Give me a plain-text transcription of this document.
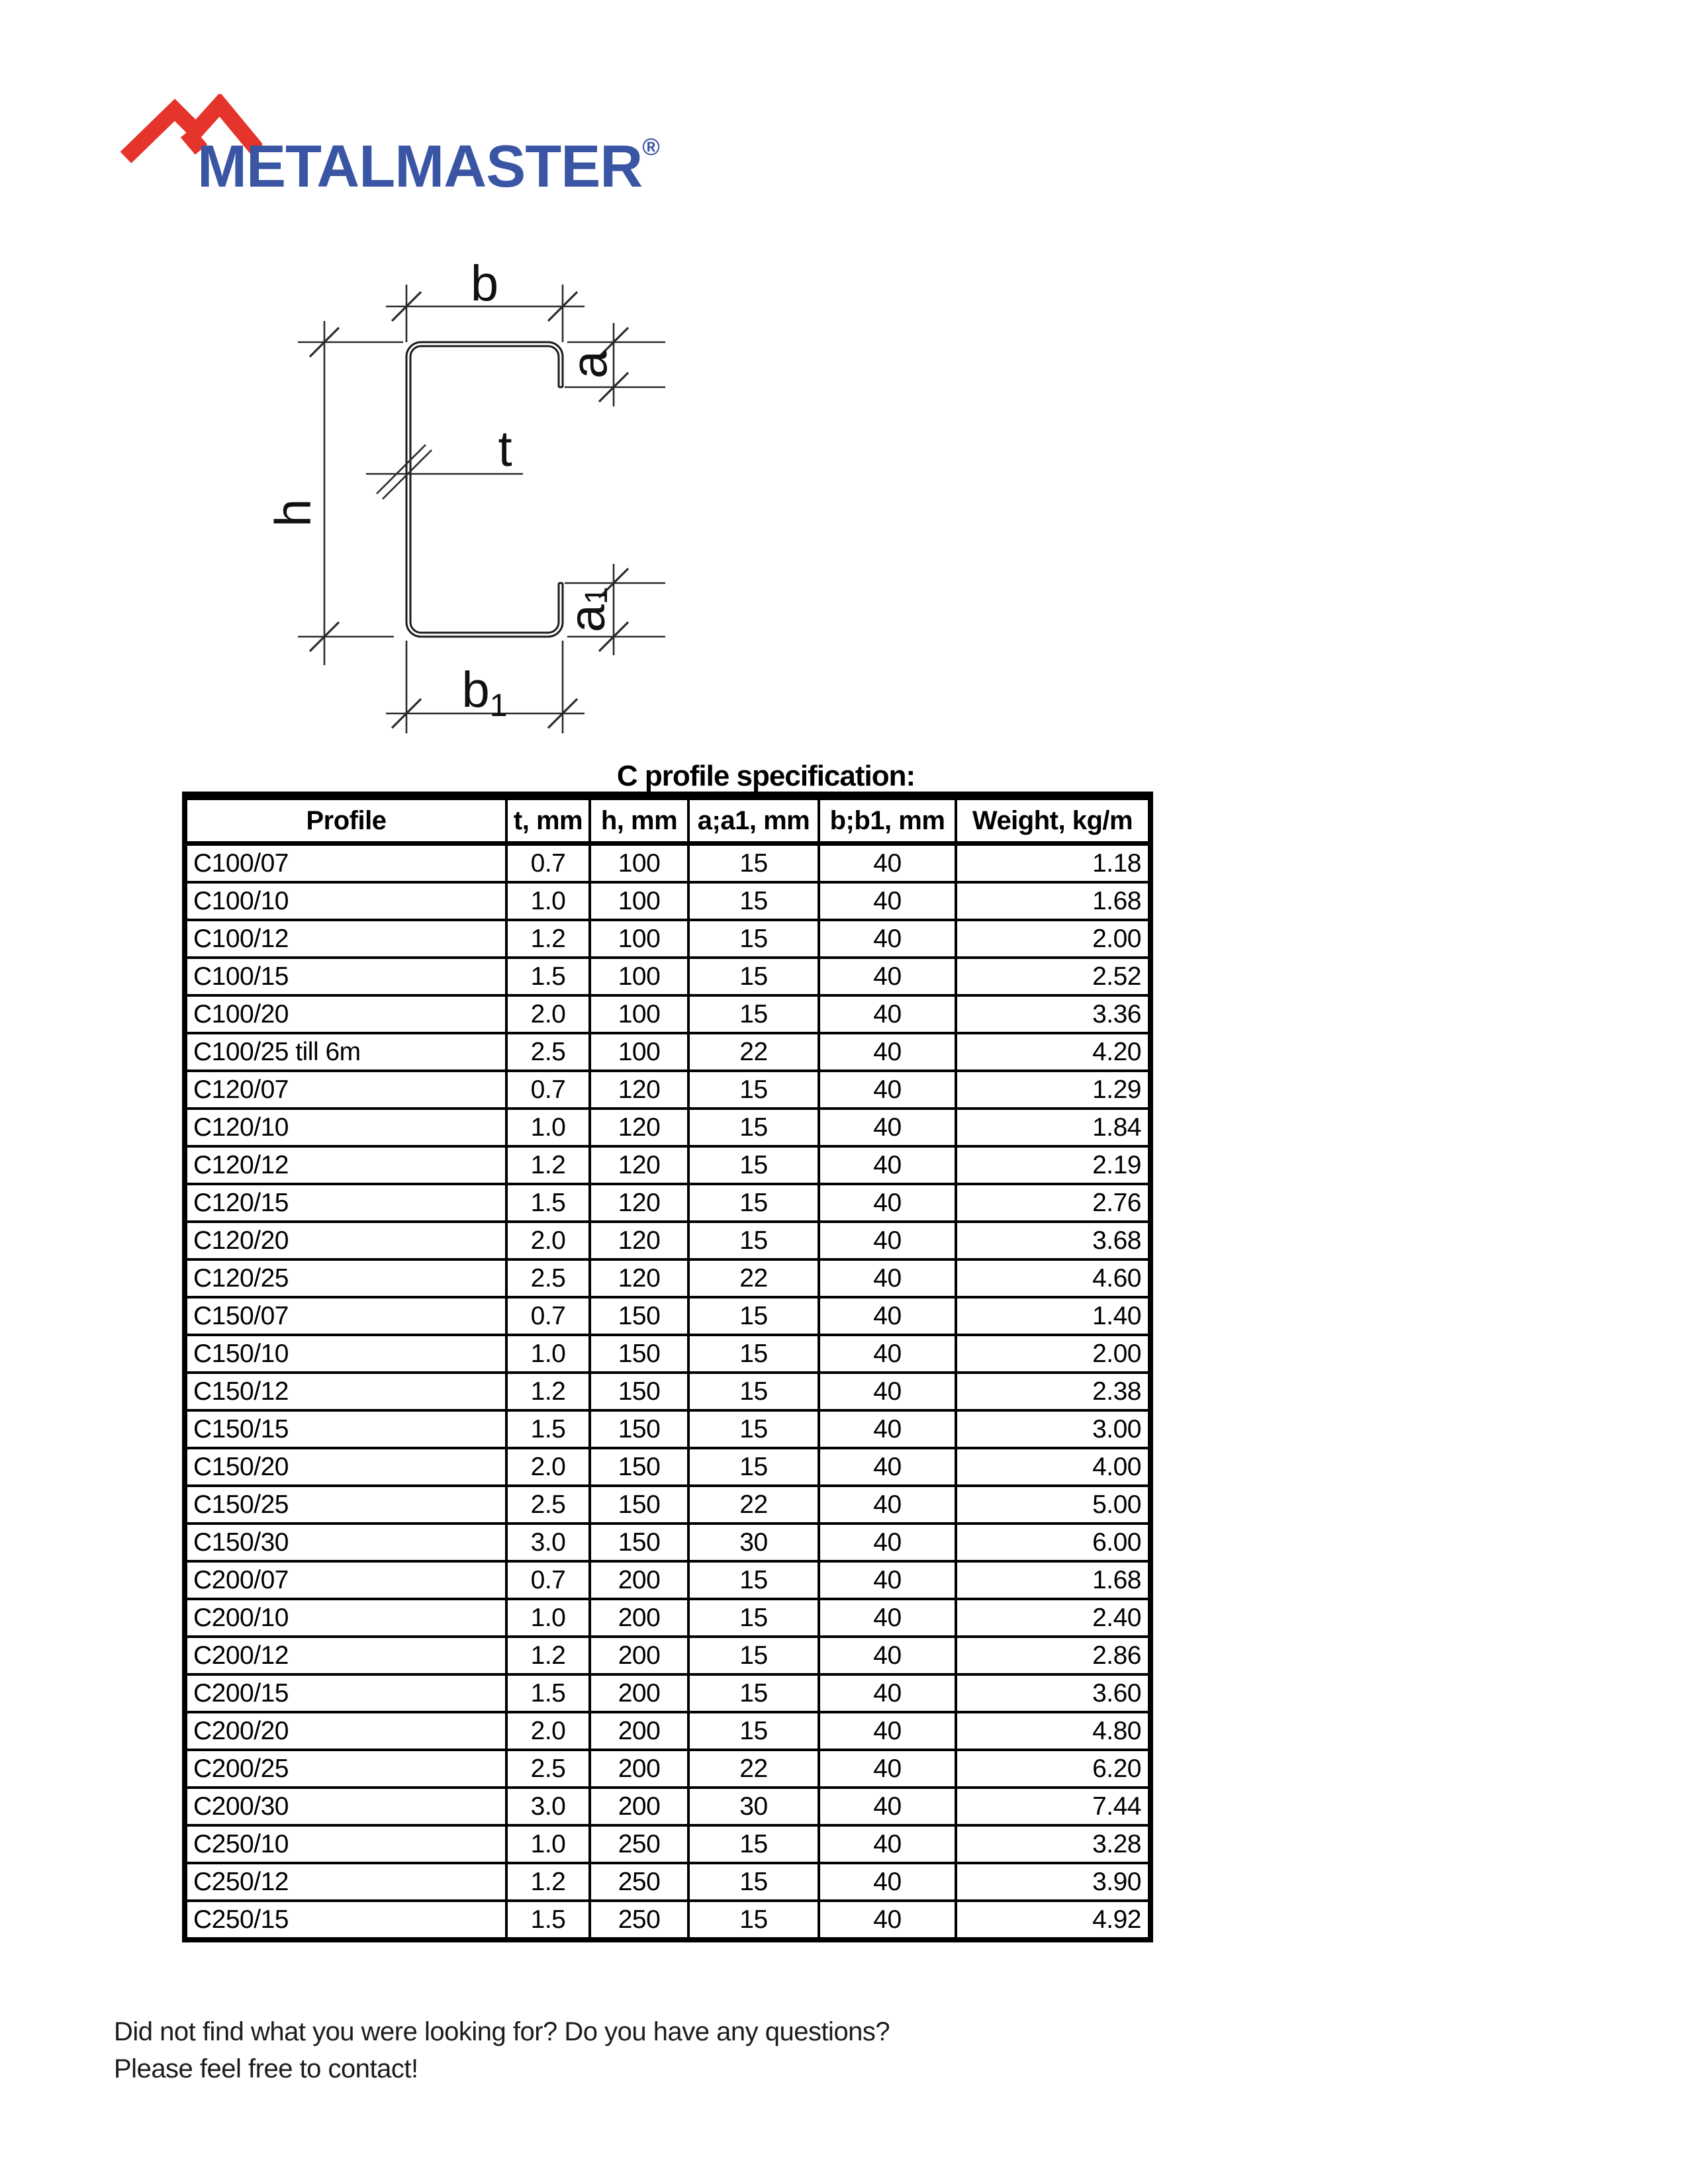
METALMASTER®
b
t
h
a
a1
b1
C profile specification:
Profile	t, mm	h, mm	a;a1, mm	b;b1, mm	Weight, kg/m
C100/07	0.7	100	15	40	1.18
C100/10	1.0	100	15	40	1.68
C100/12	1.2	100	15	40	2.00
C100/15	1.5	100	15	40	2.52
C100/20	2.0	100	15	40	3.36
C100/25 till 6m	2.5	100	22	40	4.20
C120/07	0.7	120	15	40	1.29
C120/10	1.0	120	15	40	1.84
C120/12	1.2	120	15	40	2.19
C120/15	1.5	120	15	40	2.76
C120/20	2.0	120	15	40	3.68
C120/25	2.5	120	22	40	4.60
C150/07	0.7	150	15	40	1.40
C150/10	1.0	150	15	40	2.00
C150/12	1.2	150	15	40	2.38
C150/15	1.5	150	15	40	3.00
C150/20	2.0	150	15	40	4.00
C150/25	2.5	150	22	40	5.00
C150/30	3.0	150	30	40	6.00
C200/07	0.7	200	15	40	1.68
C200/10	1.0	200	15	40	2.40
C200/12	1.2	200	15	40	2.86
C200/15	1.5	200	15	40	3.60
C200/20	2.0	200	15	40	4.80
C200/25	2.5	200	22	40	6.20
C200/30	3.0	200	30	40	7.44
C250/10	1.0	250	15	40	3.28
C250/12	1.2	250	15	40	3.90
C250/15	1.5	250	15	40	4.92
Did not find what you were looking for? Do you have any questions?
Please feel free to contact!
